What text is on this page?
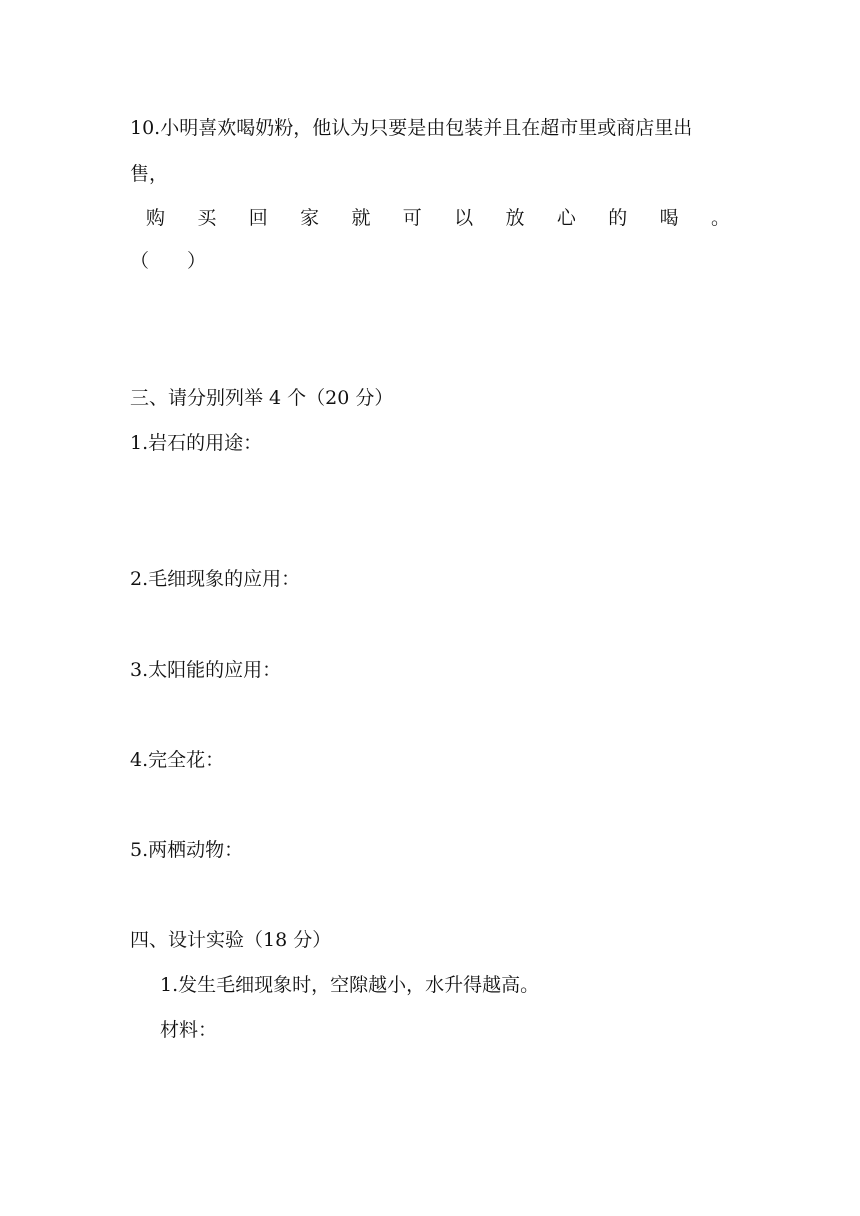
10.小明喜欢喝奶粉，他认为只要是由包装并且在超市里或商店里出
售，
购 买 回 家 就 可 以 放 心 的 喝 。
（　　）
三、请分别列举 4 个（20 分）
1.岩石的用途：
2.毛细现象的应用：
3.太阳能的应用：
4.完全花：
5.两栖动物：
四、设计实验（18 分）
1.发生毛细现象时，空隙越小，水升得越高。
材料：
